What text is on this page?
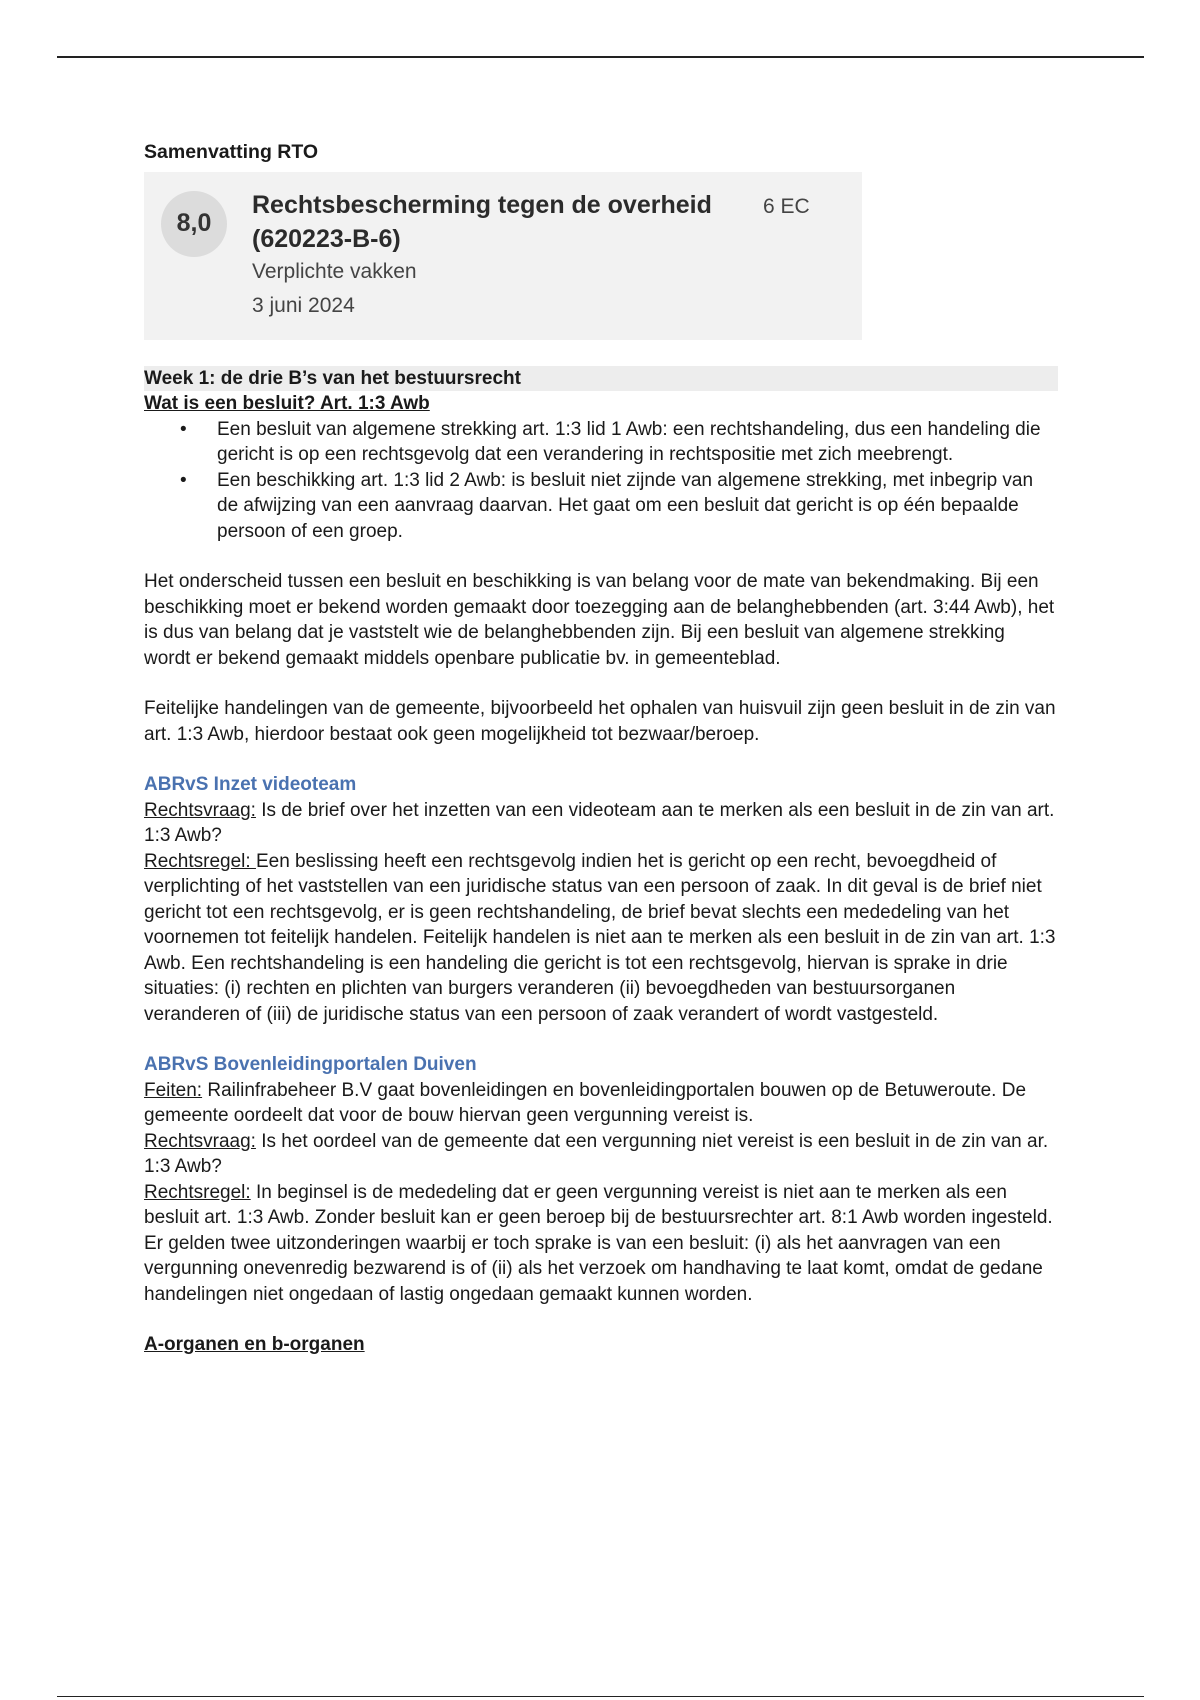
Samenvatting RTO
8,0
Rechtsbescherming tegen de overheid (620223-B-6)
6 EC
Verplichte vakken
3 juni 2024
Week 1: de drie B’s van het bestuursrecht
Wat is een besluit? Art. 1:3 Awb
• Een besluit van algemene strekking art. 1:3 lid 1 Awb: een rechtshandeling, dus een handeling die gericht is op een rechtsgevolg dat een verandering in rechtspositie met zich meebrengt.
• Een beschikking art. 1:3 lid 2 Awb: is besluit niet zijnde van algemene strekking, met inbegrip van de afwijzing van een aanvraag daarvan. Het gaat om een besluit dat gericht is op één bepaalde persoon of een groep.

Het onderscheid tussen een besluit en beschikking is van belang voor de mate van bekendmaking. Bij een beschikking moet er bekend worden gemaakt door toezegging aan de belanghebbenden (art. 3:44 Awb), het is dus van belang dat je vaststelt wie de belanghebbenden zijn. Bij een besluit van algemene strekking wordt er bekend gemaakt middels openbare publicatie bv. in gemeenteblad.

Feitelijke handelingen van de gemeente, bijvoorbeeld het ophalen van huisvuil zijn geen besluit in de zin van art. 1:3 Awb, hierdoor bestaat ook geen mogelijkheid tot bezwaar/beroep.

ABRvS Inzet videoteam

Rechtsvraag: Is de brief over het inzetten van een videoteam aan te merken als een besluit in de zin van art. 1:3 Awb?

Rechtsregel: Een beslissing heeft een rechtsgevolg indien het is gericht op een recht, bevoegdheid of verplichting of het vaststellen van een juridische status van een persoon of zaak. In dit geval is de brief niet gericht tot een rechtsgevolg, er is geen rechtshandeling, de brief bevat slechts een mededeling van het voornemen tot feitelijk handelen. Feitelijk handelen is niet aan te merken als een besluit in de zin van art. 1:3 Awb. Een rechtshandeling is een handeling die gericht is tot een rechtsgevolg, hiervan is sprake in drie situaties: (i) rechten en plichten van burgers veranderen (ii) bevoegdheden van bestuursorganen veranderen of (iii) de juridische status van een persoon of zaak verandert of wordt vastgesteld.

ABRvS Bovenleidingportalen Duiven

Feiten: Railinfrabeheer B.V gaat bovenleidingen en bovenleidingportalen bouwen op de Betuweroute. De gemeente oordeelt dat voor de bouw hiervan geen vergunning vereist is.

Rechtsvraag: Is het oordeel van de gemeente dat een vergunning niet vereist is een besluit in de zin van ar. 1:3 Awb?

Rechtsregel: In beginsel is de mededeling dat er geen vergunning vereist is niet aan te merken als een besluit art. 1:3 Awb. Zonder besluit kan er geen beroep bij de bestuursrechter art. 8:1 Awb worden ingesteld. Er gelden twee uitzonderingen waarbij er toch sprake is van een besluit: (i) als het aanvragen van een vergunning onevenredig bezwarend is of (ii) als het verzoek om handhaving te laat komt, omdat de gedane handelingen niet ongedaan of lastig ongedaan gemaakt kunnen worden.

A-organen en b-organen
